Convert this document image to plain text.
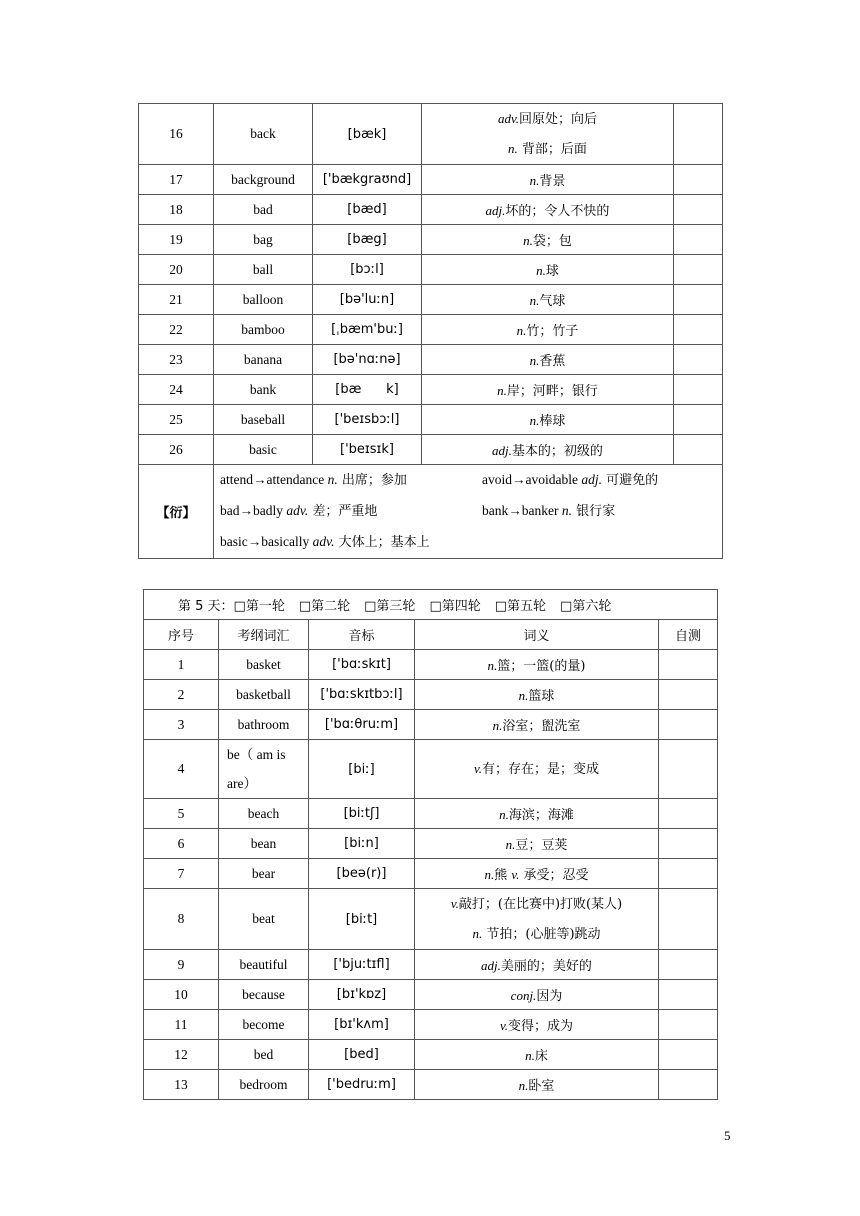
16	back	[bæk]	adv.回原处；向后
n. 背部；后面	

17	background	['bækgraʊnd]	n.背景	
18	bad	[bæd]	adj.坏的；令人不快的	
19	bag	[bæg]	n.袋；包	
20	ball	[bɔːl]	n.球	
21	balloon	[bə'luːn]	n.气球	
22	bamboo	[ˌbæm'buː]	n.竹；竹子	
23	banana	[bə'nɑːnə]	n.香蕉	
24	bank	[bæ      k]	n.岸；河畔；银行	
25	baseball	['beɪsbɔːl]	n.棒球	
26	basic	['beɪsɪk]	adj.基本的；初级的	
【衍】	attend→attendance n. 出席；参加 avoid→avoidable adj. 可避免的
bad→badly adv. 差；严重地 bank→banker n. 银行家
basic→basically adv. 大体上；基本上			
第 5 天：□第一轮 □第二轮 □第三轮 □第四轮 □第五轮 □第六轮				
序号	考纲词汇	音标	词义	自测
1	basket	['bɑːskɪt]	n.篮；一篮(的量)	
2	basketball	['bɑːskɪtbɔːl]	n.篮球	
3	bathroom	['bɑːθruːm]	n.浴室；盥洗室	
4	be（ am is
are）	[biː]	v.有；存在；是；变成	

5	beach	[biːtʃ]	n.海滨；海滩	
6	bean	[biːn]	n.豆；豆荚	
7	bear	[beə(r)]	n.熊 v. 承受；忍受	
8	beat	[biːt]	v.敲打；(在比赛中)打败(某人)
n. 节拍；(心脏等)跳动	

9	beautiful	['bjuːtɪfl]	adj.美丽的；美好的	
10	because	[bɪ'kɒz]	conj.因为	
11	become	[bɪ'kʌm]	v.变得；成为	
12	bed	[bed]	n.床	
13	bedroom	['bedruːm]	n.卧室	
5
